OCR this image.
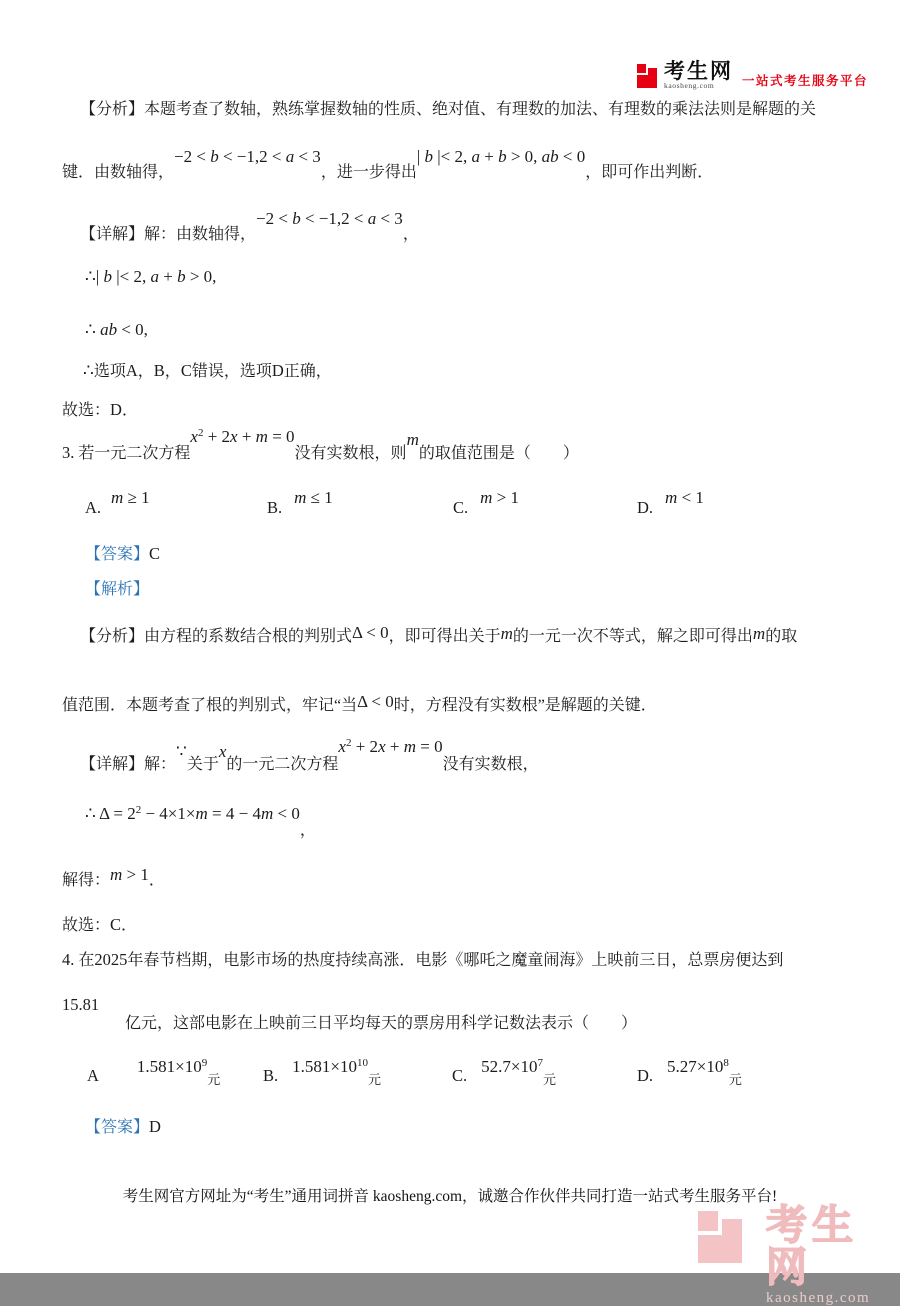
考生网
kaosheng.com	一站式考生服务平台
【分析】本题考查了数轴，熟练掌握数轴的性质、绝对值、有理数的加法、有理数的乘法法则是解题的关
键．由数轴得，−2 < b < −1,2 < a < 3，进一步得出| b |< 2, a + b > 0, ab < 0，即可作出判断．
【详解】解：由数轴得，−2 < b < −1,2 < a < 3，
∴| b |< 2, a + b > 0,
∴ ab < 0,
∴选项A，B，C错误，选项D正确，
故选：D．
3. 若一元二次方程$x^2 + 2x + m = 0$没有实数根，则m的取值范围是（　　）
A.m ≥ 1
B.m ≤ 1
C.m > 1
D.m < 1
【答案】C
【解析】
【分析】由方程的系数结合根的判别式Δ < 0，即可得出关于m的一元一次不等式，解之即可得出m的取
值范围．本题考查了根的判别式，牢记“当Δ < 0时，方程没有实数根”是解题的关键．
【详解】解：∵关于x的一元二次方程$x^2 + 2x + m = 0$没有实数根，
∴ $\Delta = 2^2 - 4\times 1\times m = 4 - 4m < 0$，
解得：m > 1．
故选：C．
4. 在2025年春节档期，电影市场的热度持续高涨．电影《哪吒之魔童闹海》上映前三日，总票房便达到
15.81
亿元，这部电影在上映前三日平均每天的票房用科学记数法表示（　　）
A $1.581\times 10^9$元	B. $1.581\times 10^{10}$元	C. $52.7\times 10^7$元	D. $5.27\times 10^8$元
【答案】D
考生网官方网址为“考生”通用词拼音 kaosheng.com，诚邀合作伙伴共同打造一站式考生服务平台!
考生网
kaosheng.com
